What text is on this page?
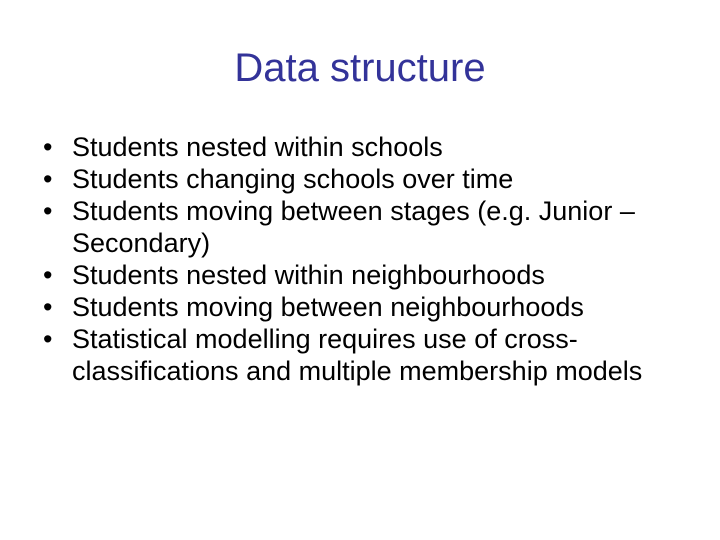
Data structure
• Students nested within schools
• Students changing schools over time
• Students moving between stages (e.g. Junior – Secondary)
• Students nested within neighbourhoods
• Students moving between neighbourhoods
• Statistical modelling requires use of cross-classifications and multiple membership models
